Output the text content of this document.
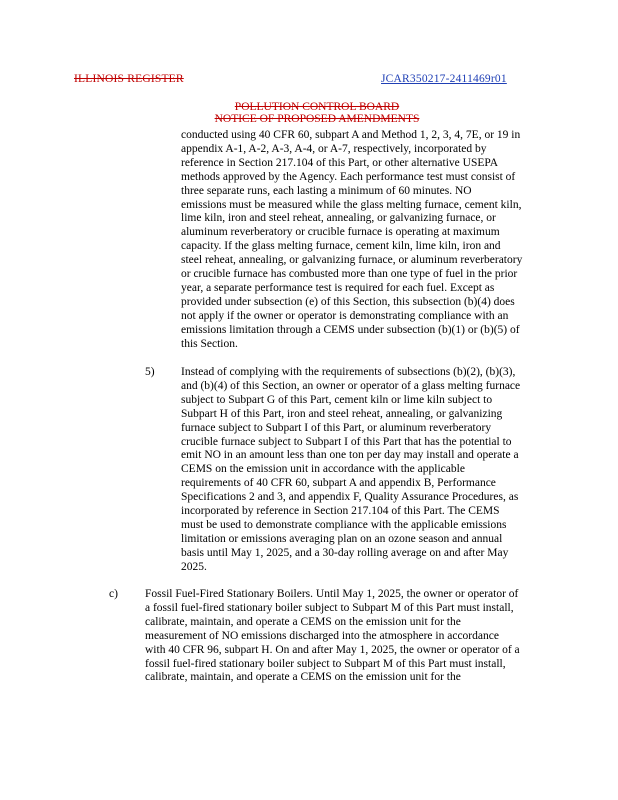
ILLINOIS REGISTER	JCAR350217-2411469r01
POLLUTION CONTROL BOARD
NOTICE OF PROPOSED AMENDMENTS
conducted using 40 CFR 60, subpart A and Method 1, 2, 3, 4, 7E, or 19 in
appendix A-1, A-2, A-3, A-4, or A-7, respectively, incorporated by
reference in Section 217.104 of this Part, or other alternative USEPA
methods approved by the Agency. Each performance test must consist of
three separate runs, each lasting a minimum of 60 minutes. NO
emissions must be measured while the glass melting furnace, cement kiln,
lime kiln, iron and steel reheat, annealing, or galvanizing furnace, or
aluminum reverberatory or crucible furnace is operating at maximum
capacity. If the glass melting furnace, cement kiln, lime kiln, iron and
steel reheat, annealing, or galvanizing furnace, or aluminum reverberatory
or crucible furnace has combusted more than one type of fuel in the prior
year, a separate performance test is required for each fuel. Except as
provided under subsection (e) of this Section, this subsection (b)(4) does
not apply if the owner or operator is demonstrating compliance with an
emissions limitation through a CEMS under subsection (b)(1) or (b)(5) of
this Section.
5) Instead of complying with the requirements of subsections (b)(2), (b)(3),
and (b)(4) of this Section, an owner or operator of a glass melting furnace
subject to Subpart G of this Part, cement kiln or lime kiln subject to
Subpart H of this Part, iron and steel reheat, annealing, or galvanizing
furnace subject to Subpart I of this Part, or aluminum reverberatory
crucible furnace subject to Subpart I of this Part that has the potential to
emit NO in an amount less than one ton per day may install and operate a
CEMS on the emission unit in accordance with the applicable
requirements of 40 CFR 60, subpart A and appendix B, Performance
Specifications 2 and 3, and appendix F, Quality Assurance Procedures, as
incorporated by reference in Section 217.104 of this Part. The CEMS
must be used to demonstrate compliance with the applicable emissions
limitation or emissions averaging plan on an ozone season and annual
basis until May 1, 2025, and a 30-day rolling average on and after May
2025.
c) Fossil Fuel-Fired Stationary Boilers. Until May 1, 2025, the owner or operator of
a fossil fuel-fired stationary boiler subject to Subpart M of this Part must install,
calibrate, maintain, and operate a CEMS on the emission unit for the
measurement of NO emissions discharged into the atmosphere in accordance
with 40 CFR 96, subpart H. On and after May 1, 2025, the owner or operator of a
fossil fuel-fired stationary boiler subject to Subpart M of this Part must install,
calibrate, maintain, and operate a CEMS on the emission unit for the
